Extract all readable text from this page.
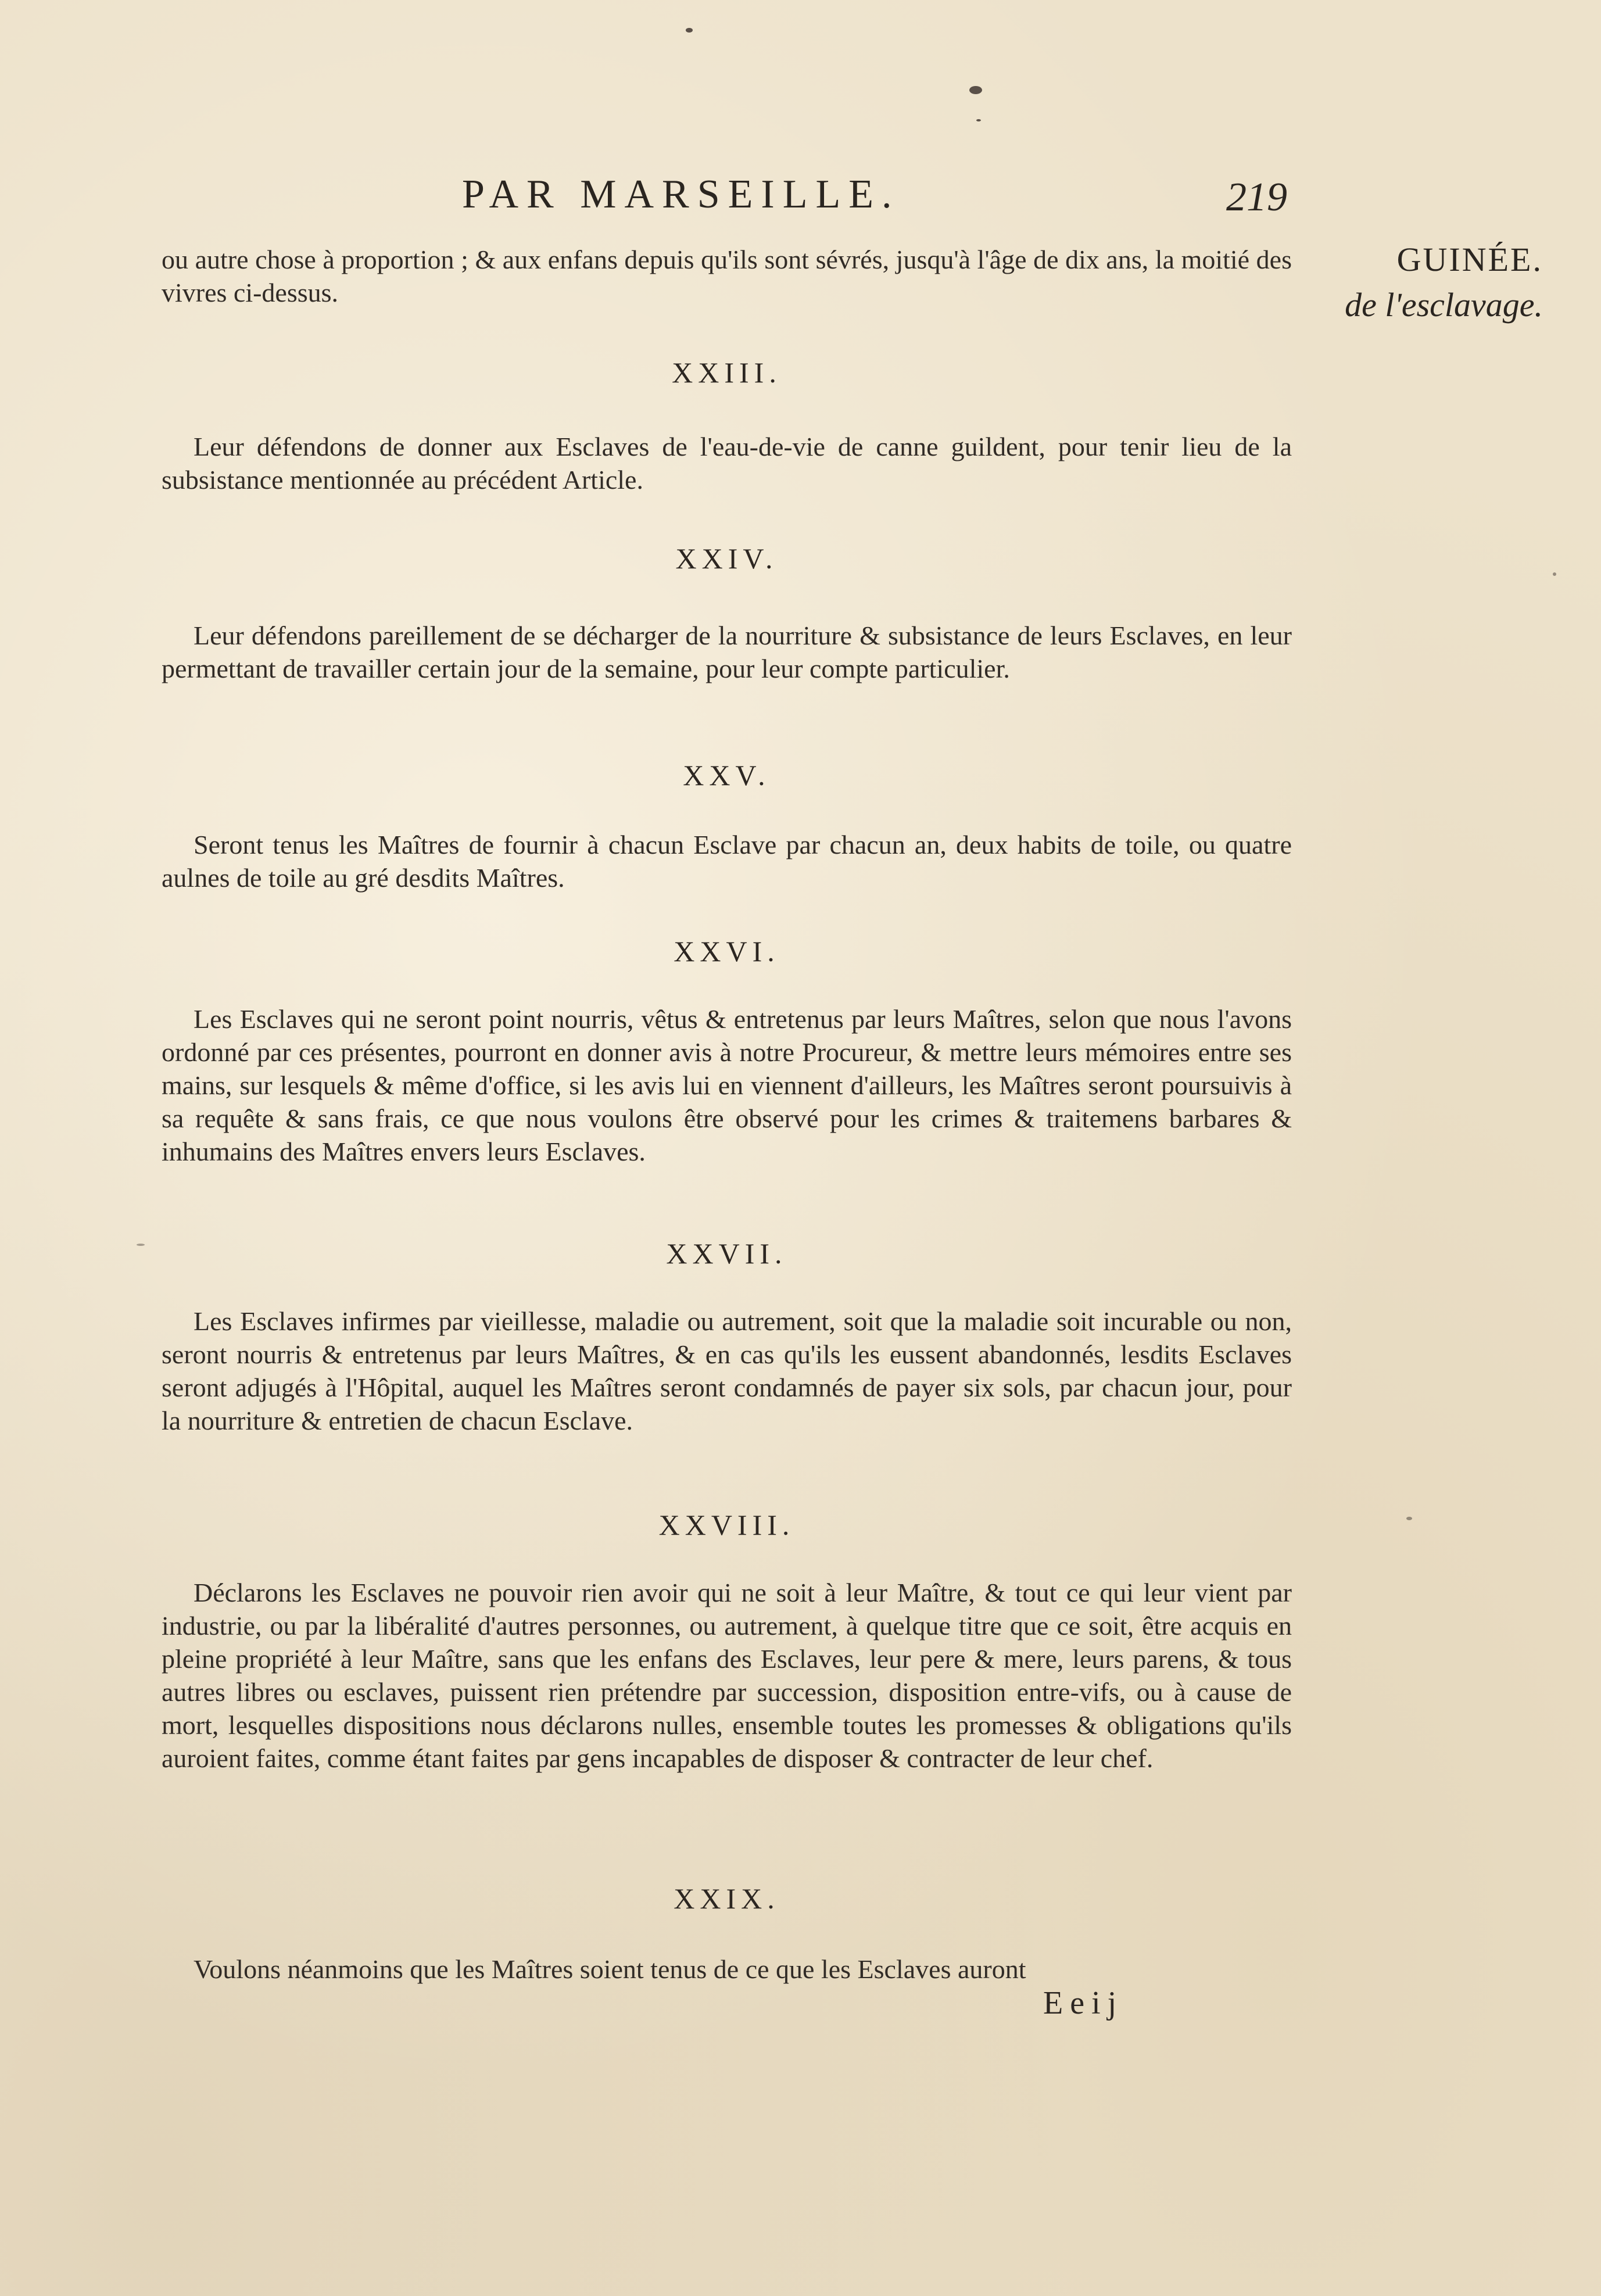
PAR MARSEILLE.	219
GUINÉE.
de l'esclavage.
ou autre chose à proportion ; & aux enfans depuis qu'ils sont sévrés, jusqu'à l'âge de dix ans, la moitié des vivres ci-dessus.
XXIII.
Leur défendons de donner aux Esclaves de l'eau-de-vie de canne guildent, pour tenir lieu de la subsistance mentionnée au précédent Article.
XXIV.
Leur défendons pareillement de se décharger de la nourriture & subsistance de leurs Esclaves, en leur permettant de travailler certain jour de la semaine, pour leur compte particulier.
XXV.
Seront tenus les Maîtres de fournir à chacun Esclave par chacun an, deux habits de toile, ou quatre aulnes de toile au gré desdits Maîtres.
XXVI.
Les Esclaves qui ne seront point nourris, vêtus & entretenus par leurs Maîtres, selon que nous l'avons ordonné par ces présentes, pourront en donner avis à notre Procureur, & mettre leurs mémoires entre ses mains, sur lesquels & même d'office, si les avis lui en viennent d'ailleurs, les Maîtres seront poursuivis à sa requête & sans frais, ce que nous voulons être observé pour les crimes & traitemens barbares & inhumains des Maîtres envers leurs Esclaves.
XXVII.
Les Esclaves infirmes par vieillesse, maladie ou autrement, soit que la maladie soit incurable ou non, seront nourris & entretenus par leurs Maîtres, & en cas qu'ils les eussent abandonnés, lesdits Esclaves seront adjugés à l'Hôpital, auquel les Maîtres seront condamnés de payer six sols, par chacun jour, pour la nourriture & entretien de chacun Esclave.
XXVIII.
Déclarons les Esclaves ne pouvoir rien avoir qui ne soit à leur Maître, & tout ce qui leur vient par industrie, ou par la libéralité d'autres personnes, ou autrement, à quelque titre que ce soit, être acquis en pleine propriété à leur Maître, sans que les enfans des Esclaves, leur pere & mere, leurs parens, & tous autres libres ou esclaves, puissent rien prétendre par succession, disposition entre-vifs, ou à cause de mort, lesquelles dispositions nous déclarons nulles, ensemble toutes les promesses & obligations qu'ils auroient faites, comme étant faites par gens incapables de disposer & contracter de leur chef.
XXIX.
Voulons néanmoins que les Maîtres soient tenus de ce que les Esclaves auront
Eeij
